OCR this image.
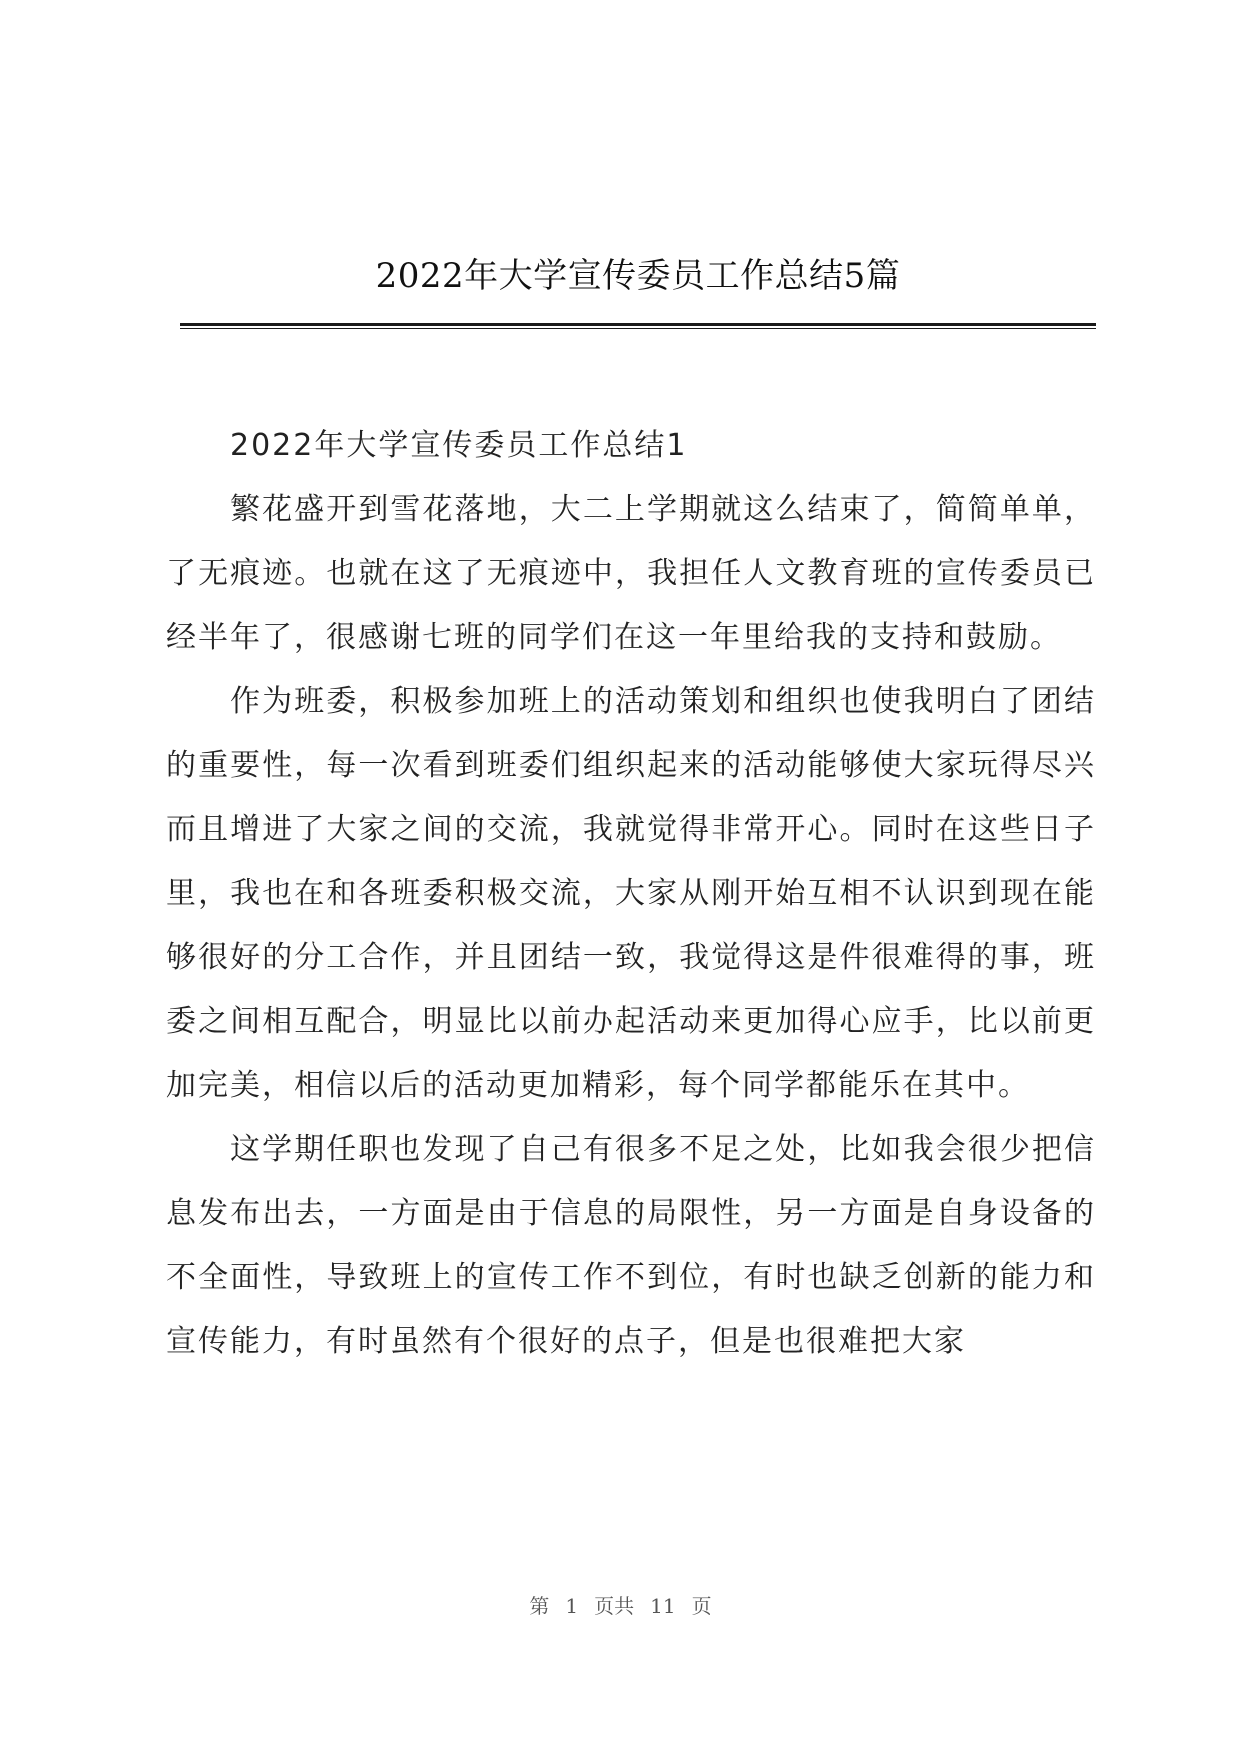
2022年大学宣传委员工作总结5篇

2022年大学宣传委员工作总结1

繁花盛开到雪花落地，大二上学期就这么结束了，简简单单，了无痕迹。也就在这了无痕迹中，我担任人文教育班的宣传委员已经半年了，很感谢七班的同学们在这一年里给我的支持和鼓励。

作为班委，积极参加班上的活动策划和组织也使我明白了团结的重要性，每一次看到班委们组织起来的活动能够使大家玩得尽兴而且增进了大家之间的交流，我就觉得非常开心。同时在这些日子里，我也在和各班委积极交流，大家从刚开始互相不认识到现在能够很好的分工合作，并且团结一致，我觉得这是件很难得的事，班委之间相互配合，明显比以前办起活动来更加得心应手，比以前更加完美，相信以后的活动更加精彩，每个同学都能乐在其中。

这学期任职也发现了自己有很多不足之处，比如我会很少把信息发布出去，一方面是由于信息的局限性，另一方面是自身设备的不全面性，导致班上的宣传工作不到位，有时也缺乏创新的能力和宣传能力，有时虽然有个很好的点子，但是也很难把大家

第 1 页共 11 页
